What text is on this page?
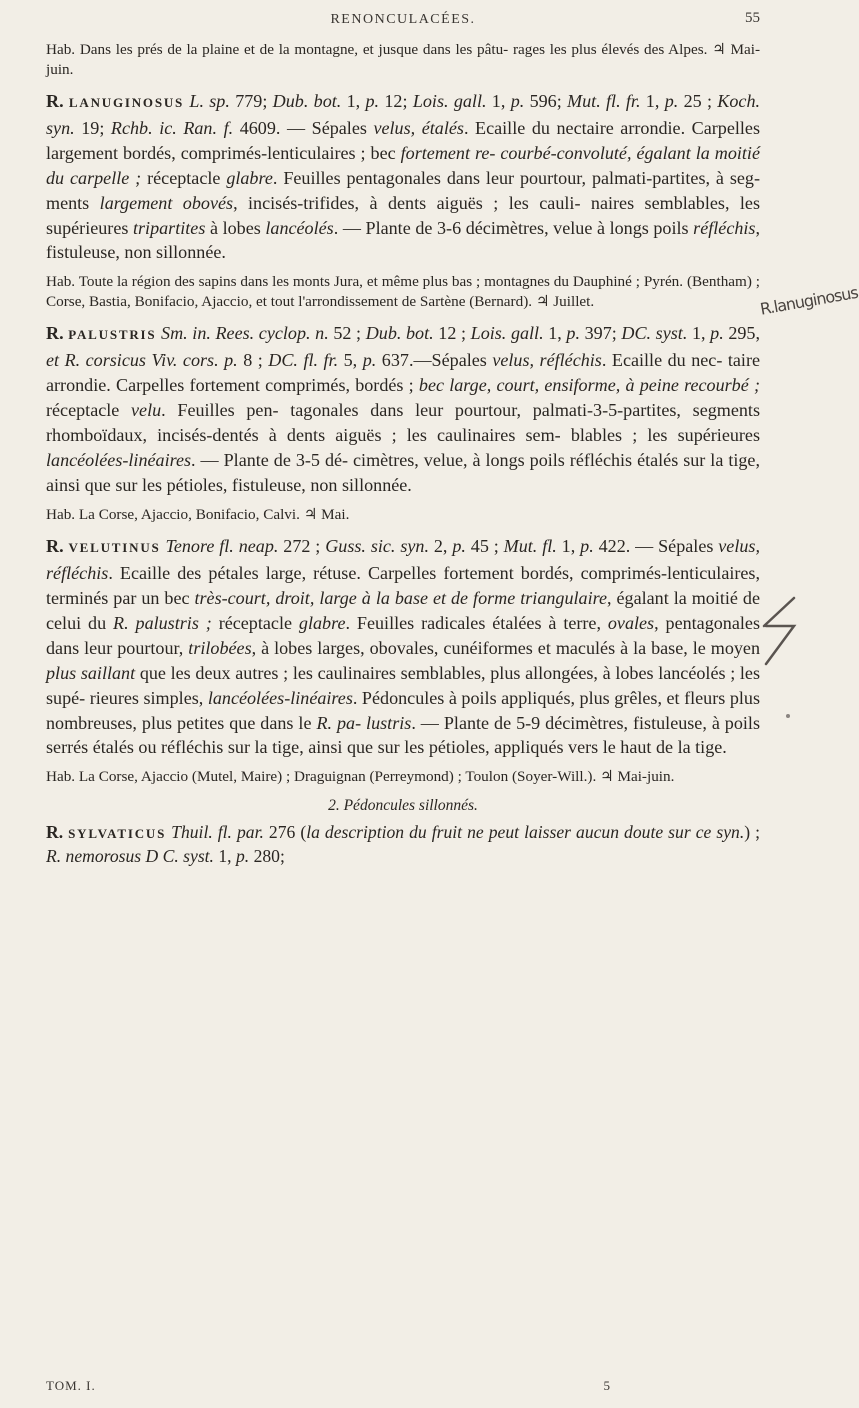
RENONCULACÉES.	55

Hab. Dans les prés de la plaine et de la montagne, et jusque dans les pâtu- rages les plus élevés des Alpes. ♃ Mai-juin.

R. LANUGINOSUS L. sp. 779; Dub. bot. 1, p. 12; Lois. gall. 1, p. 596; Mut. fl. fr. 1, p. 25 ; Koch. syn. 19; Rchb. ic. Ran. f. 4609. — Sépales velus, étalés. Ecaille du nectaire arrondie. Carpelles largement bordés, comprimés-lenticulaires ; bec fortement re- courbé-convoluté, égalant la moitié du carpelle ; réceptacle glabre. Feuilles pentagonales dans leur pourtour, palmati-partites, à seg- ments largement obovés, incisés-trifides, à dents aiguës ; les cauli- naires semblables, les supérieures tripartites à lobes lancéolés. — Plante de 3-6 décimètres, velue à longs poils réfléchis, fistuleuse, non sillonnée.

Hab. Toute la région des sapins dans les monts Jura, et même plus bas ; montagnes du Dauphiné ; Pyrén. (Bentham) ; Corse, Bastia, Bonifacio, Ajaccio, et tout l'arrondissement de Sartène (Bernard). ♃ Juillet.

R. PALUSTRIS Sm. in. Rees. cyclop. n. 52 ; Dub. bot. 12 ; Lois. gall. 1, p. 397; DC. syst. 1, p. 295, et R. corsicus Viv. cors. p. 8 ; DC. fl. fr. 5, p. 637.—Sépales velus, réfléchis. Ecaille du nec- taire arrondie. Carpelles fortement comprimés, bordés ; bec large, court, ensiforme, à peine recourbé ; réceptacle velu. Feuilles pen- tagonales dans leur pourtour, palmati-3-5-partites, segments rhomboïdaux, incisés-dentés à dents aiguës ; les caulinaires sem- blables ; les supérieures lancéolées-linéaires. — Plante de 3-5 dé- cimètres, velue, à longs poils réfléchis étalés sur la tige, ainsi que sur les pétioles, fistuleuse, non sillonnée.

Hab. La Corse, Ajaccio, Bonifacio, Calvi. ♃ Mai.

R. VELUTINUS Tenore fl. neap. 272 ; Guss. sic. syn. 2, p. 45 ; Mut. fl. 1, p. 422. — Sépales velus, réfléchis. Ecaille des pétales large, rétuse. Carpelles fortement bordés, comprimés-lenticulaires, terminés par un bec très-court, droit, large à la base et de forme triangulaire, égalant la moitié de celui du R. palustris ; réceptacle glabre. Feuilles radicales étalées à terre, ovales, pentagonales dans leur pourtour, trilobées, à lobes larges, obovales, cunéiformes et maculés à la base, le moyen plus saillant que les deux autres ; les caulinaires semblables, plus allongées, à lobes lancéolés ; les supé- rieures simples, lancéolées-linéaires. Pédoncules à poils appliqués, plus grêles, et fleurs plus nombreuses, plus petites que dans le R. pa- lustris. — Plante de 5-9 décimètres, fistuleuse, à poils serrés étalés ou réfléchis sur la tige, ainsi que sur les pétioles, appliqués vers le haut de la tige.

Hab. La Corse, Ajaccio (Mutel, Maire) ; Draguignan (Perreymond) ; Toulon (Soyer-Will.). ♃ Mai-juin.

2. Pédoncules sillonnés.

R. SYLVATICUS Thuil. fl. par. 276 (la description du fruit ne peut laisser aucun doute sur ce syn.) ; R. nemorosus D C. syst. 1, p. 280;

TOM. I.	5
R.lanuginosus
